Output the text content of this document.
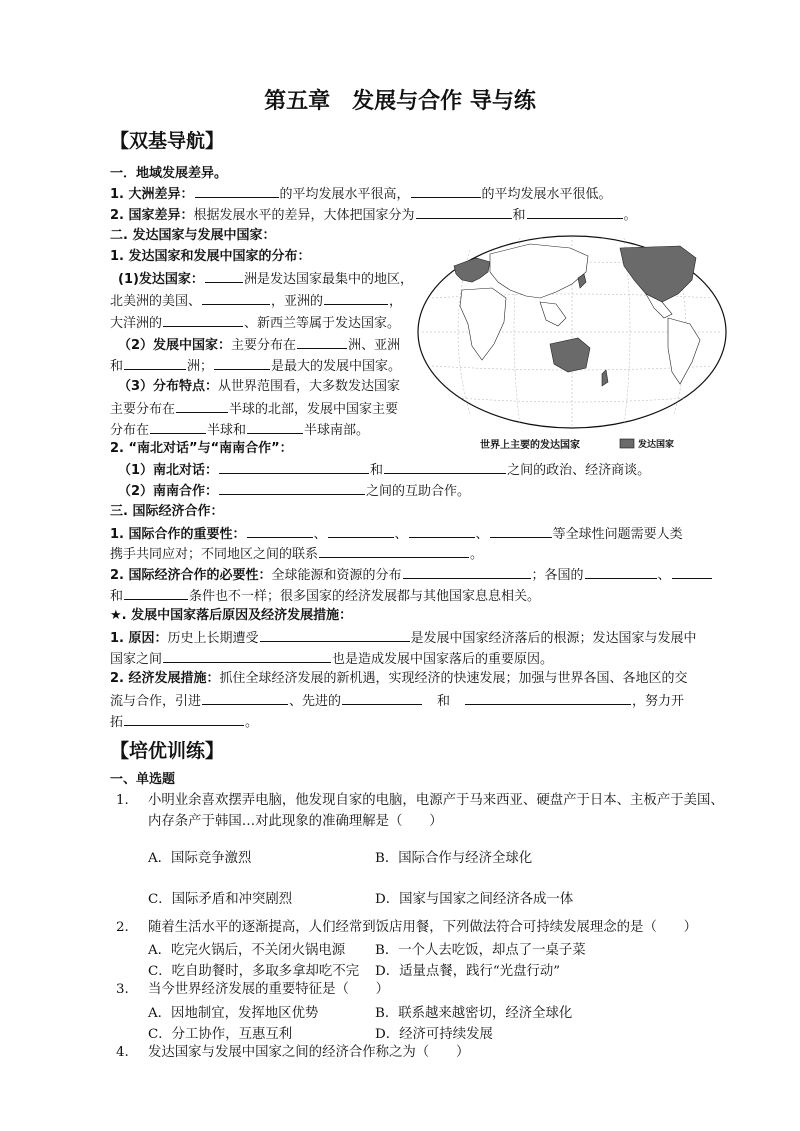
第五章　发展与合作 导与练
【双基导航】
一．地域发展差异。
1. 大洲差异：	的平均发展水平很高，	的平均发展水平很低。
2. 国家差异：根据发展水平的差异，大体把国家分为	和	。
二. 发达国家与发展中国家：
1. 发达国家和发展中国家的分布：
(1)发达国家：	洲是发达国家最集中的地区，
北美洲的美国、	，亚洲的	，
大洋洲的	、新西兰等属于发达国家。
（2）发展中国家：主要分布在	洲、亚洲
和	洲；	是最大的发展中国家。
（3）分布特点：从世界范围看，大多数发达国家
主要分布在	半球的北部，发展中国家主要
分布在	半球和	半球南部。
2. “南北对话”与“南南合作”：
（1）南北对话：	和	之间的政治、经济商谈。
（2）南南合作：	之间的互助合作。
三. 国际经济合作：
1. 国际合作的重要性：	、	、	、	等全球性问题需要人类
携手共同应对；不同地区之间的联系	。
2. 国际经济合作的必要性：全球能源和资源的分布	；各国的	、
和	条件也不一样；很多国家的经济发展都与其他国家息息相关。
★. 发展中国家落后原因及经济发展措施：
1. 原因：历史上长期遭受	是发展中国家经济落后的根源；发达国家与发展中
国家之间	也是造成发展中国家落后的重要原因。
2. 经济发展措施：抓住全球经济发展的新机遇，实现经济的快速发展；加强与世界各国、各地区的交
流与合作，引进	、先进的	和	，努力开
拓	。
世界上主要的发达国家	发达国家
【培优训练】
一、单选题
1. 小明业余喜欢摆弄电脑，他发现自家的电脑，电源产于马来西亚、硬盘产于日本、主板产于美国、
内存条产于韩国…对此现象的准确理解是（　　）
A．国际竞争激烈	B．国际合作与经济全球化
C．国际矛盾和冲突剧烈	D．国家与国家之间经济各成一体
2. 随着生活水平的逐渐提高，人们经常到饭店用餐，下列做法符合可持续发展理念的是（　　）
A．吃完火锅后，不关闭火锅电源 B．一个人去吃饭，却点了一桌子菜
C．吃自助餐时，多取多拿却吃不完 D．适量点餐，践行“光盘行动”
3. 当今世界经济发展的重要特征是（　　）
A．因地制宜，发挥地区优势	B．联系越来越密切，经济全球化
C．分工协作，互惠互利	D．经济可持续发展
4. 发达国家与发展中国家之间的经济合作称之为（　　）
